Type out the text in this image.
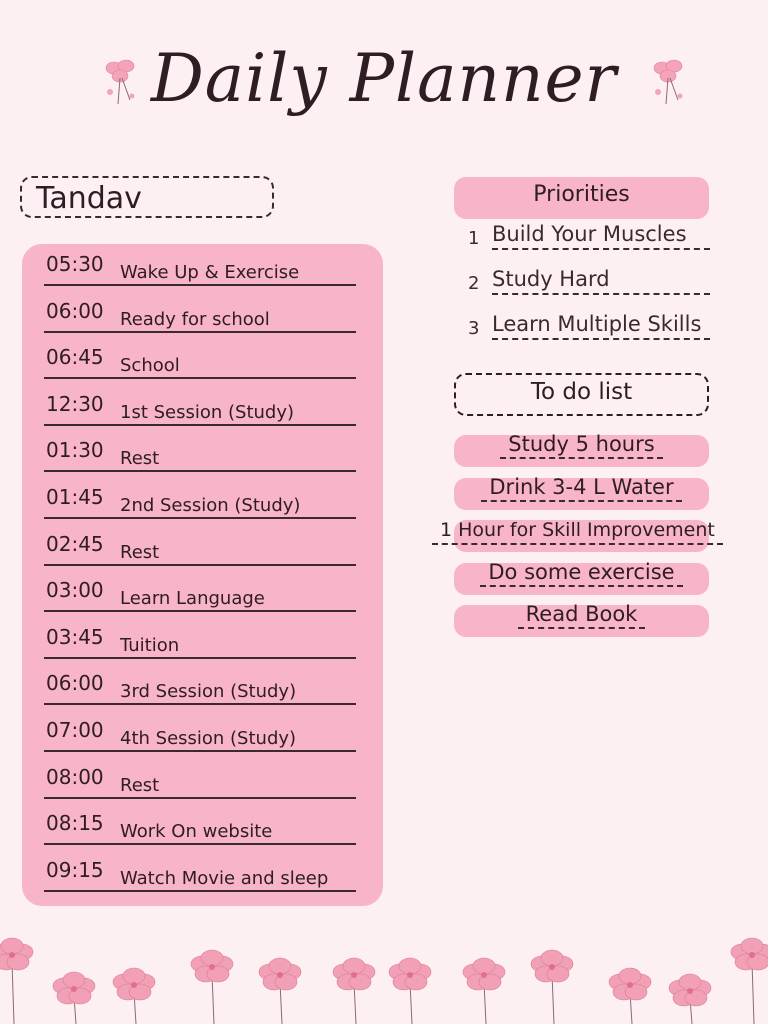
Daily Planner
Tandav
05:30 Wake Up & Exercise
06:00 Ready for school
06:45 School
12:30 1st Session (Study)
01:30 Rest
01:45 2nd Session (Study)
02:45 Rest
03:00 Learn Language
03:45 Tuition
06:00 3rd Session (Study)
07:00 4th Session (Study)
08:00 Rest
08:15 Work On website
09:15 Watch Movie and sleep
Priorities
1 Build Your Muscles
2 Study Hard
3 Learn Multiple Skills
To do list
Study 5 hours
Drink 3-4 L Water
1 Hour for Skill Improvement
Do some exercise
Read Book
